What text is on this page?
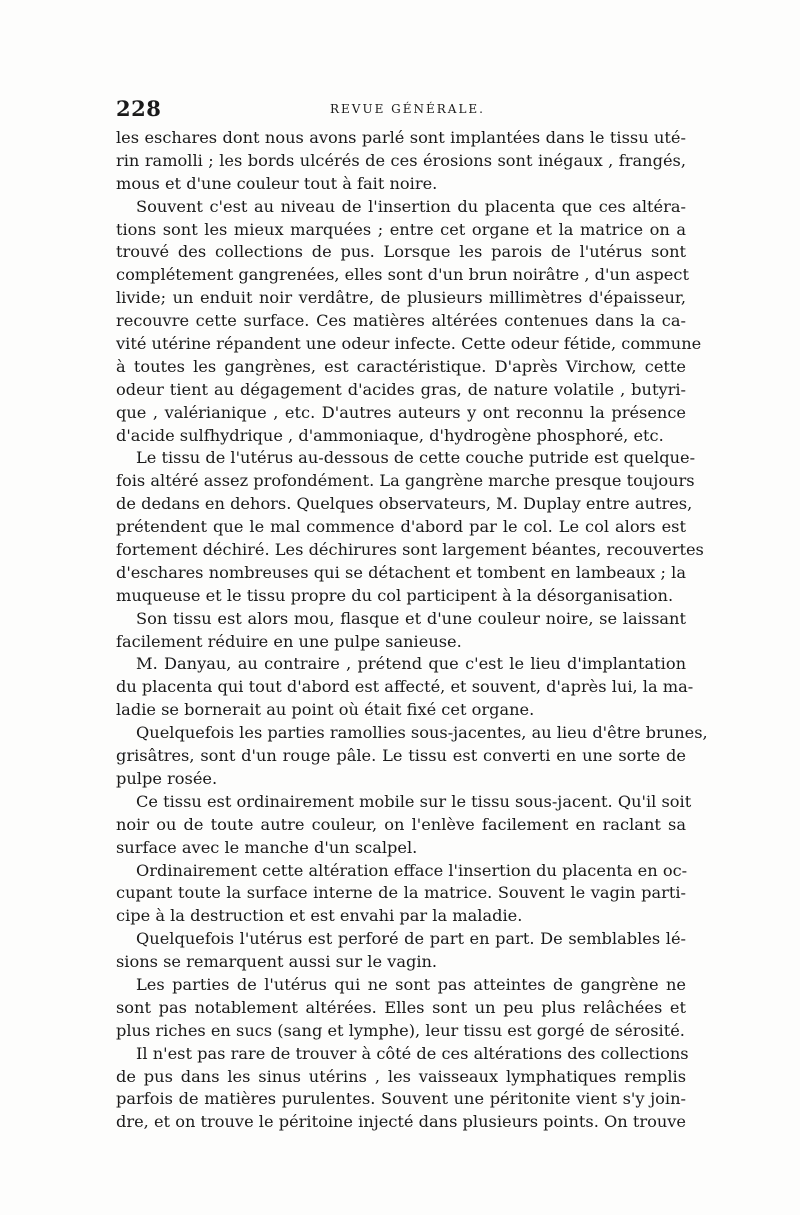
228	REVUE GÉNÉRALE.
les eschares dont nous avons parlé sont implantées dans le tissu uté-
rin ramolli ; les bords ulcérés de ces érosions sont inégaux , frangés,
mous et d'une couleur tout à fait noire.
Souvent c'est au niveau de l'insertion du placenta que ces altéra-
tions sont les mieux marquées ; entre cet organe et la matrice on a
trouvé des collections de pus. Lorsque les parois de l'utérus sont
complétement gangrenées, elles sont d'un brun noirâtre , d'un aspect
livide; un enduit noir verdâtre, de plusieurs millimètres d'épaisseur,
recouvre cette surface. Ces matières altérées contenues dans la ca-
vité utérine répandent une odeur infecte. Cette odeur fétide, commune
à toutes les gangrènes, est caractéristique. D'après Virchow, cette
odeur tient au dégagement d'acides gras, de nature volatile , butyri-
que , valérianique , etc. D'autres auteurs y ont reconnu la présence
d'acide sulfhydrique , d'ammoniaque, d'hydrogène phosphoré, etc.
Le tissu de l'utérus au-dessous de cette couche putride est quelque-
fois altéré assez profondément. La gangrène marche presque toujours
de dedans en dehors. Quelques observateurs, M. Duplay entre autres,
prétendent que le mal commence d'abord par le col. Le col alors est
fortement déchiré. Les déchirures sont largement béantes, recouvertes
d'eschares nombreuses qui se détachent et tombent en lambeaux ; la
muqueuse et le tissu propre du col participent à la désorganisation.
Son tissu est alors mou, flasque et d'une couleur noire, se laissant
facilement réduire en une pulpe sanieuse.
M. Danyau, au contraire , prétend que c'est le lieu d'implantation
du placenta qui tout d'abord est affecté, et souvent, d'après lui, la ma-
ladie se bornerait au point où était fixé cet organe.
Quelquefois les parties ramollies sous-jacentes, au lieu d'être brunes,
grisâtres, sont d'un rouge pâle. Le tissu est converti en une sorte de
pulpe rosée.
Ce tissu est ordinairement mobile sur le tissu sous-jacent. Qu'il soit
noir ou de toute autre couleur, on l'enlève facilement en raclant sa
surface avec le manche d'un scalpel.
Ordinairement cette altération efface l'insertion du placenta en oc-
cupant toute la surface interne de la matrice. Souvent le vagin parti-
cipe à la destruction et est envahi par la maladie.
Quelquefois l'utérus est perforé de part en part. De semblables lé-
sions se remarquent aussi sur le vagin.
Les parties de l'utérus qui ne sont pas atteintes de gangrène ne
sont pas notablement altérées. Elles sont un peu plus relâchées et
plus riches en sucs (sang et lymphe), leur tissu est gorgé de sérosité.
Il n'est pas rare de trouver à côté de ces altérations des collections
de pus dans les sinus utérins , les vaisseaux lymphatiques remplis
parfois de matières purulentes. Souvent une péritonite vient s'y join-
dre, et on trouve le péritoine injecté dans plusieurs points. On trouve
